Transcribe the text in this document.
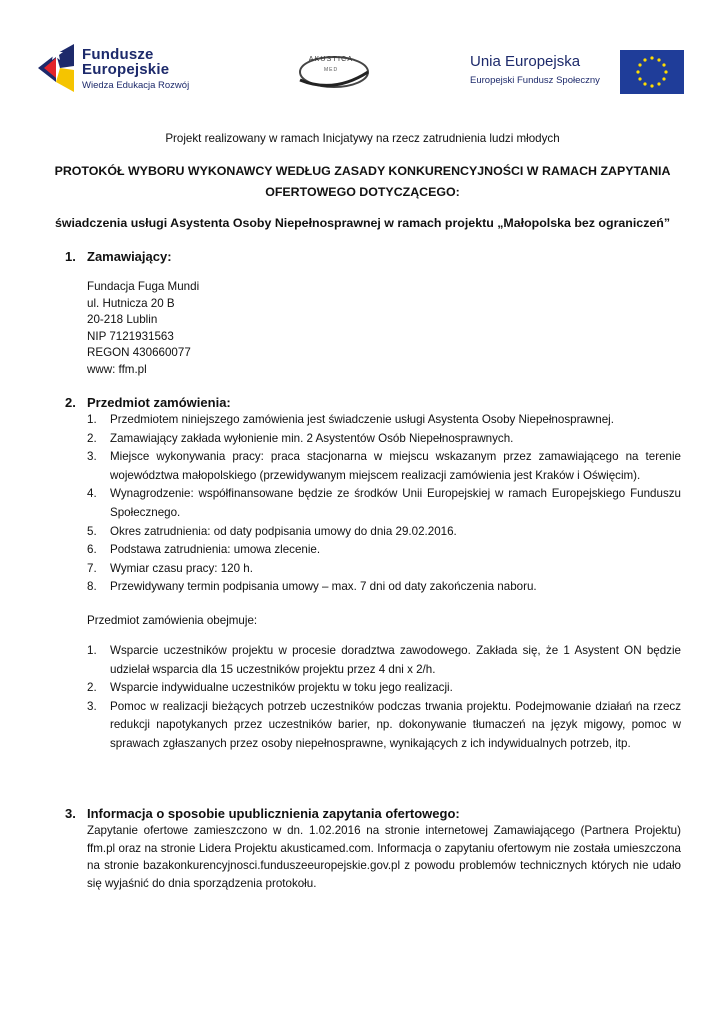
Fundusze
Europejskie
Wiedza Edukacja Rozwój
AKUSTICA
MED	Unia Europejska
Europejski Fundusz Społeczny
Projekt realizowany w ramach Inicjatywy na rzecz zatrudnienia ludzi młodych
PROTOKÓŁ WYBORU WYKONAWCY WEDŁUG ZASADY KONKURENCYJNOŚCI W RAMACH ZAPYTANIA
OFERTOWEGO DOTYCZĄCEGO:
świadczenia usługi Asystenta Osoby Niepełnosprawnej w ramach projektu „Małopolska bez ograniczeń”
1. Zamawiający:
Fundacja Fuga Mundi
ul. Hutnicza 20 B
20-218 Lublin
NIP 7121931563
REGON 430660077
www: ffm.pl
2. Przedmiot zamówienia:
1. Przedmiotem niniejszego zamówienia jest świadczenie usługi Asystenta Osoby Niepełnosprawnej.
2. Zamawiający zakłada wyłonienie min. 2 Asystentów Osób Niepełnosprawnych.
3. Miejsce wykonywania pracy: praca stacjonarna w miejscu wskazanym przez zamawiającego na terenie województwa małopolskiego (przewidywanym miejscem realizacji zamówienia jest Kraków i Oświęcim).
4. Wynagrodzenie: współfinansowane będzie ze środków Unii Europejskiej w ramach Europejskiego Funduszu Społecznego.
5. Okres zatrudnienia: od daty podpisania umowy do dnia 29.02.2016.
6. Podstawa zatrudnienia: umowa zlecenie.
7. Wymiar czasu pracy: 120 h.
8. Przewidywany termin podpisania umowy – max. 7 dni od daty zakończenia naboru.
Przedmiot zamówienia obejmuje:
1. Wsparcie uczestników projektu w procesie doradztwa zawodowego. Zakłada się, że 1 Asystent ON będzie udzielał wsparcia dla 15 uczestników projektu przez 4 dni x 2/h.
2. Wsparcie indywidualne uczestników projektu w toku jego realizacji.
3. Pomoc w realizacji bieżących potrzeb uczestników podczas trwania projektu. Podejmowanie działań na rzecz redukcji napotykanych przez uczestników barier, np. dokonywanie tłumaczeń na język migowy, pomoc w sprawach zgłaszanych przez osoby niepełnosprawne, wynikających z ich indywidualnych potrzeb, itp.
3. Informacja o sposobie upublicznienia zapytania ofertowego:
Zapytanie ofertowe zamieszczono w dn. 1.02.2016 na stronie internetowej Zamawiającego (Partnera Projektu) ffm.pl oraz na stronie Lidera Projektu akusticamed.com. Informacja o zapytaniu ofertowym nie została umieszczona na stronie bazakonkurencyjnosci.funduszeeuropejskie.gov.pl z powodu problemów technicznych których nie udało się wyjaśnić do dnia sporządzenia protokołu.
